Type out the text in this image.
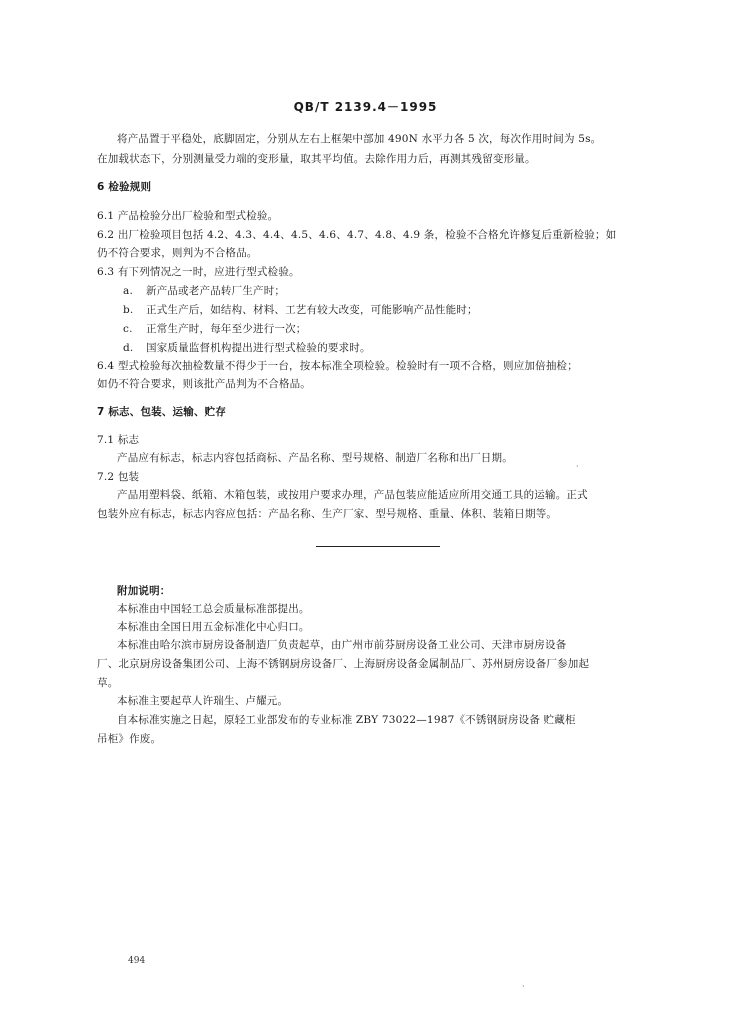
QB/T 2139.4－1995
将产品置于平稳处，底脚固定，分别从左右上框架中部加 490N 水平力各 5 次，每次作用时间为 5s。
在加载状态下，分别测量受力端的变形量，取其平均值。去除作用力后，再测其残留变形量。
6 检验规则
6.1 产品检验分出厂检验和型式检验。
6.2 出厂检验项目包括 4.2、4.3、4.4、4.5、4.6、4.7、4.8、4.9 条，检验不合格允许修复后重新检验；如
仍不符合要求，则判为不合格品。
6.3 有下列情况之一时，应进行型式检验。
a. 新产品或老产品转厂生产时；
b. 正式生产后，如结构、材料、工艺有较大改变，可能影响产品性能时；
c. 正常生产时，每年至少进行一次；
d. 国家质量监督机构提出进行型式检验的要求时。
6.4 型式检验每次抽检数量不得少于一台，按本标准全项检验。检验时有一项不合格，则应加倍抽检；
如仍不符合要求，则该批产品判为不合格品。
7 标志、包装、运输、贮存
7.1 标志
产品应有标志，标志内容包括商标、产品名称、型号规格、制造厂名称和出厂日期。
7.2 包装
产品用塑料袋、纸箱、木箱包装，或按用户要求办理，产品包装应能适应所用交通工具的运输。正式
包装外应有标志，标志内容应包括：产品名称、生产厂家、型号规格、重量、体积、装箱日期等。
附加说明：
本标准由中国轻工总会质量标准部提出。
本标准由全国日用五金标准化中心归口。
本标准由哈尔滨市厨房设备制造厂负责起草，由广州市前芬厨房设备工业公司、天津市厨房设备
厂、北京厨房设备集团公司、上海不锈钢厨房设备厂、上海厨房设备金属制品厂、苏州厨房设备厂参加起
草。
本标准主要起草人许瑞生、卢耀元。
自本标准实施之日起，原轻工业部发布的专业标准 ZBY 73022—1987《不锈钢厨房设备 贮藏柜
吊柜》作废。
494
·
·
